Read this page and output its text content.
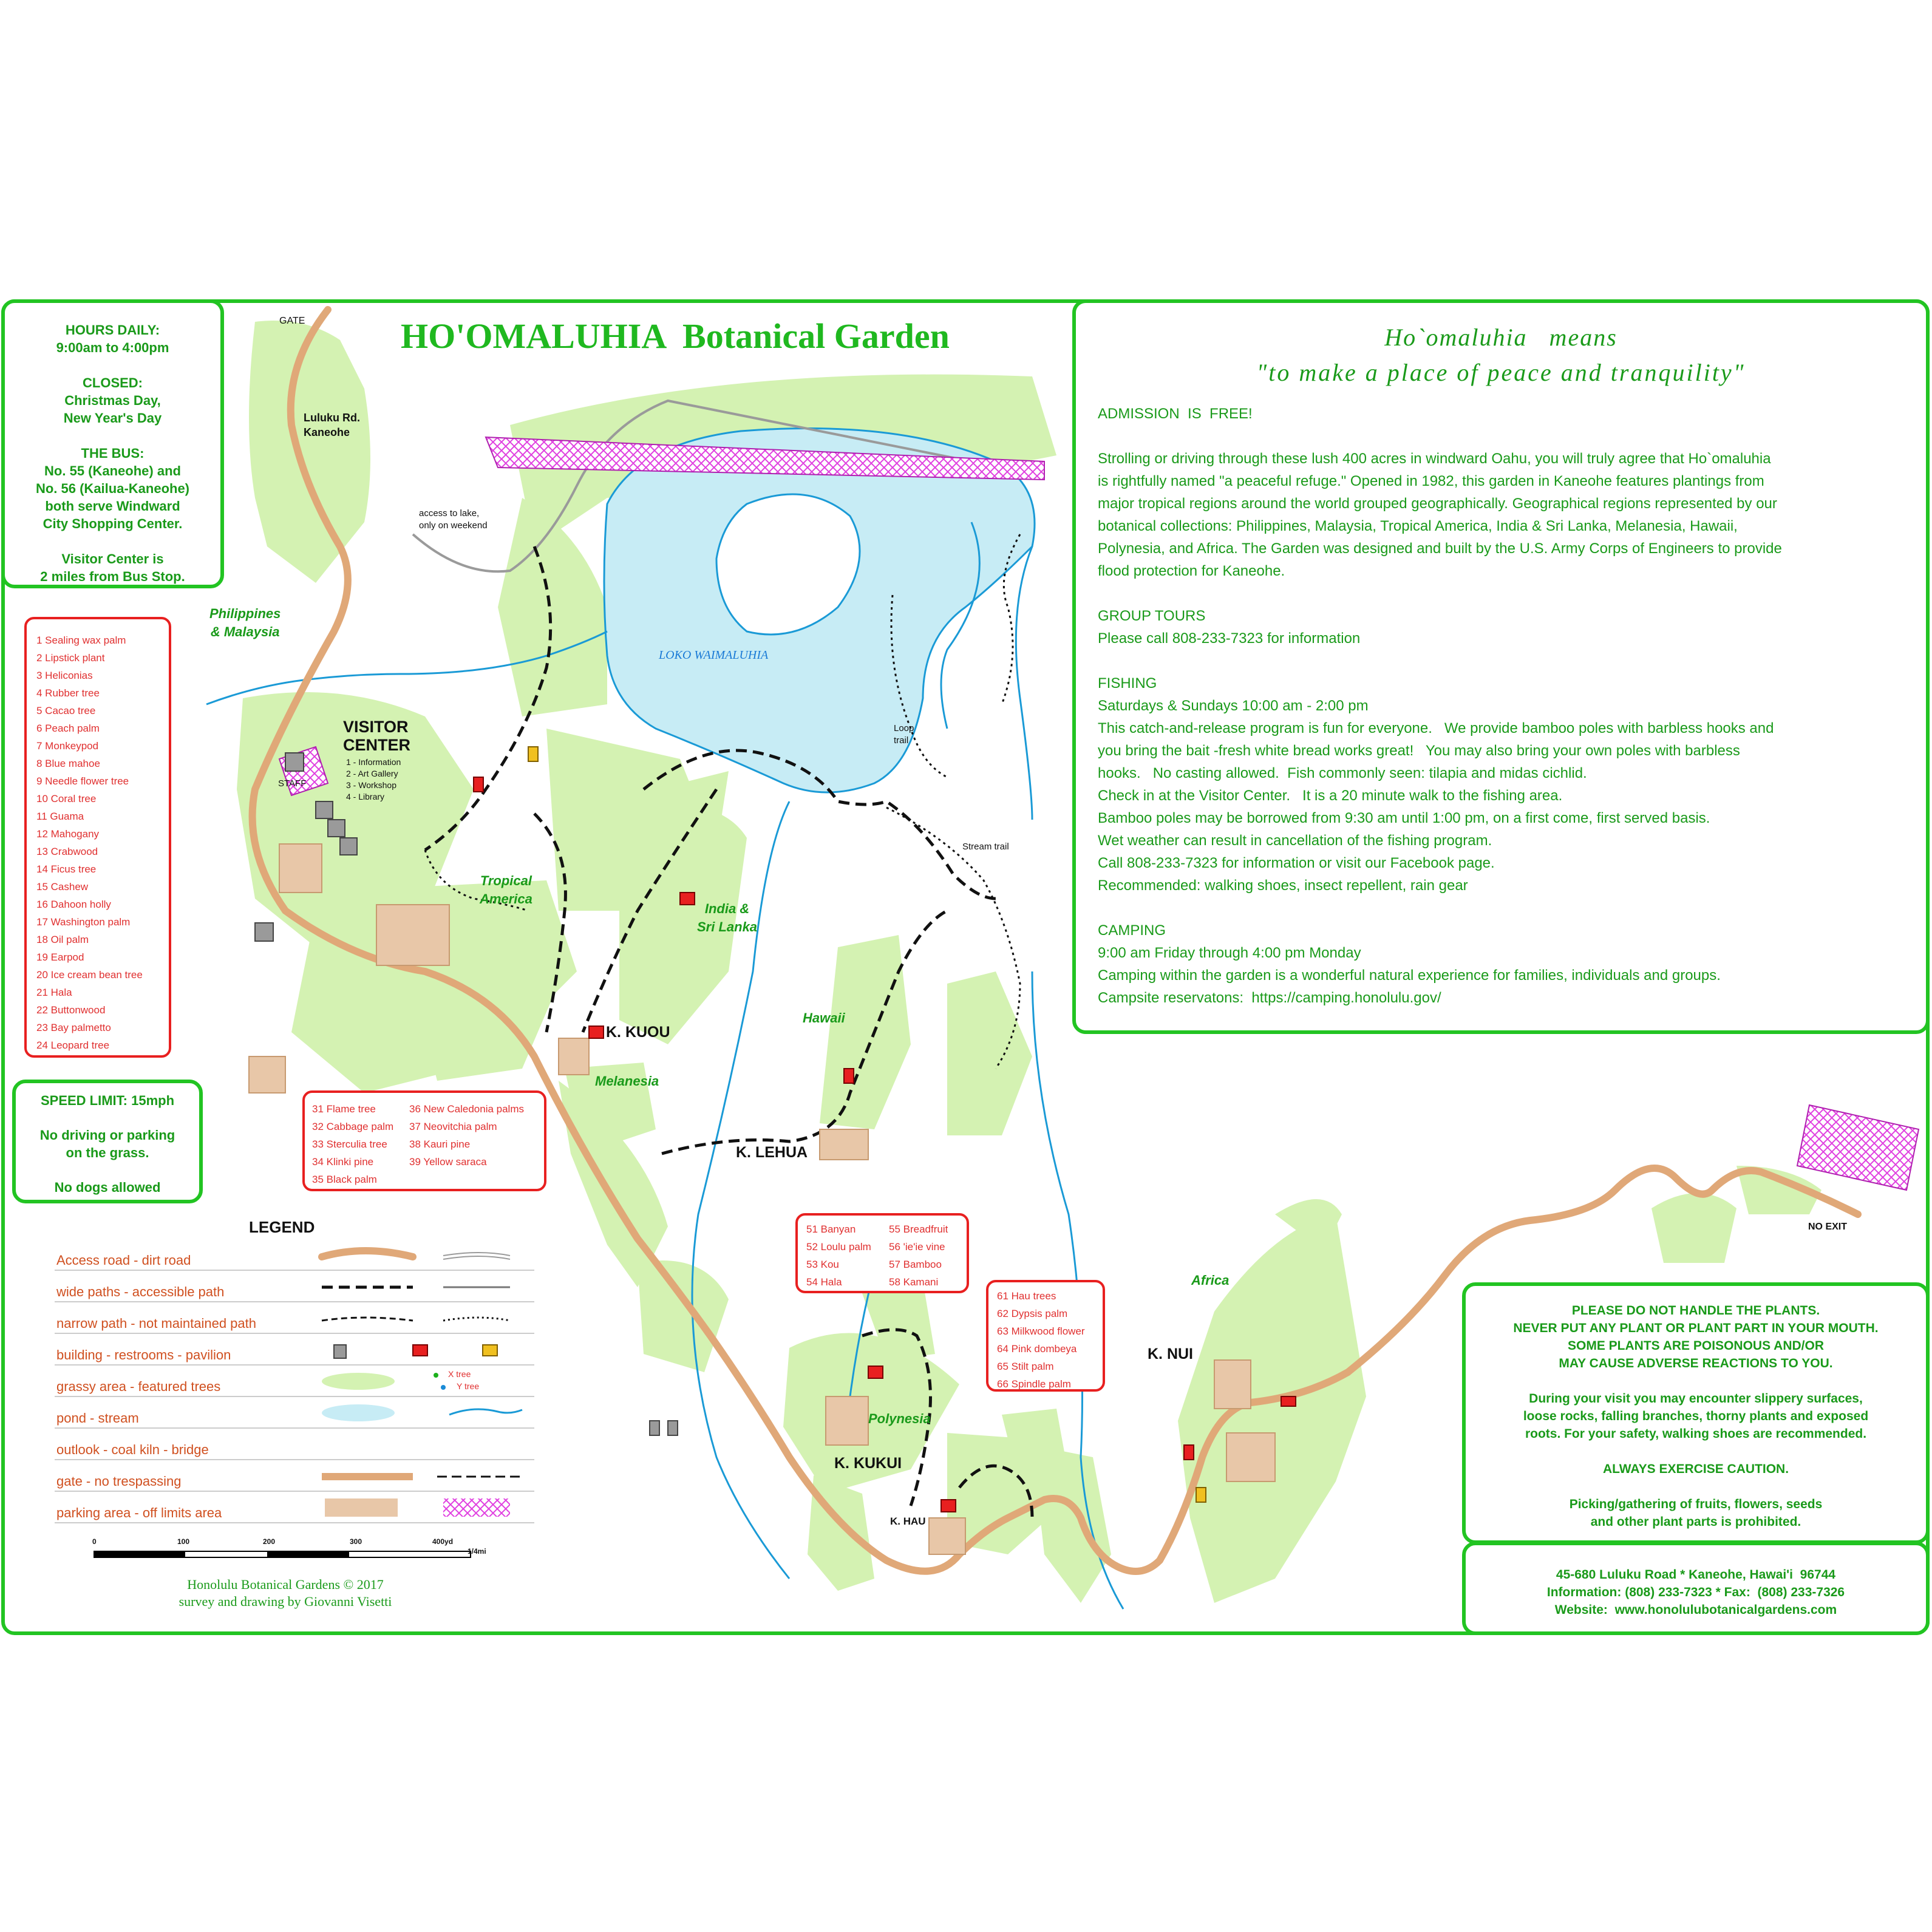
HO'OMALUHIA  Botanical Garden
GATE
Luluku Rd.
Kaneohe
access to lake,
only on weekend
LOKO WAIMALUHIA
VISITOR
CENTER
1 - Information
2 - Art Gallery
3 - Workshop
4 - Library
STAFF
Loop
trail
Stream trail
NO EXIT
Philippines
& Malaysia
Tropical
America
India &
Sri Lanka
Melanesia
Hawaii
Polynesia
Africa
K. KUOU
K. LEHUA
K. KUKUI
K. HAU
K. NUI
HOURS DAILY:
9:00am to 4:00pm
CLOSED:
Christmas Day,
New Year's Day
THE BUS:
No. 55 (Kaneohe) and
No. 56 (Kailua-Kaneohe)
both serve Windward
City Shopping Center.
Visitor Center is
2 miles from Bus Stop.
1 Sealing wax palm
2 Lipstick plant
3 Heliconias
4 Rubber tree
5 Cacao tree
6 Peach palm
7 Monkeypod
8 Blue mahoe
9 Needle flower tree
10 Coral tree
11 Guama
12 Mahogany
13 Crabwood
14 Ficus tree
15 Cashew
16 Dahoon holly
17 Washington palm
18 Oil palm
19 Earpod
20 Ice cream bean tree
21 Hala
22 Buttonwood
23 Bay palmetto
24 Leopard tree
31 Flame tree
32 Cabbage palm
33 Sterculia tree
34 Klinki pine
35 Black palm
36 New Caledonia palms
37 Neovitchia palm
38 Kauri pine
39 Yellow saraca
51 Banyan
52 Loulu palm
53 Kou
54 Hala
55 Breadfruit
56 'ie'ie vine
57 Bamboo
58 Kamani
61 Hau trees
62 Dypsis palm
63 Milkwood flower
64 Pink dombeya
65 Stilt palm
66 Spindle palm
SPEED LIMIT: 15mph
No driving or parking
on the grass.
No dogs allowed
LEGEND
Access road - dirt road
wide paths - accessible path
narrow path - not maintained path
building - restrooms - pavilion
grassy area - featured trees
pond - stream
outlook - coal kiln - bridge
gate - no trespassing
parking area - off limits area
X tree
Y tree
0	100	200	300	400yd
1/4mi
Honolulu Botanical Gardens © 2017
survey and drawing by Giovanni Visetti
Ho`omaluhia   means
"to make a place of peace and tranquility"
ADMISSION  IS  FREE!
Strolling or driving through these lush 400 acres in windward Oahu, you will truly agree that Ho`omaluhia
is rightfully named "a peaceful refuge." Opened in 1982, this garden in Kaneohe features plantings from
major tropical regions around the world grouped geographically. Geographical regions represented by our
botanical collections: Philippines, Malaysia, Tropical America, India & Sri Lanka, Melanesia, Hawaii,
Polynesia, and Africa. The Garden was designed and built by the U.S. Army Corps of Engineers to provide
flood protection for Kaneohe.
GROUP TOURS
Please call 808-233-7323 for information
FISHING
Saturdays & Sundays 10:00 am - 2:00 pm
This catch-and-release program is fun for everyone.   We provide bamboo poles with barbless hooks and
you bring the bait -fresh white bread works great!   You may also bring your own poles with barbless
hooks.   No casting allowed.  Fish commonly seen: tilapia and midas cichlid.
Check in at the Visitor Center.   It is a 20 minute walk to the fishing area.
Bamboo poles may be borrowed from 9:30 am until 1:00 pm, on a first come, first served basis.
Wet weather can result in cancellation of the fishing program.
Call 808-233-7323 for information or visit our Facebook page.
Recommended: walking shoes, insect repellent, rain gear
CAMPING
9:00 am Friday through 4:00 pm Monday
Camping within the garden is a wonderful natural experience for families, individuals and groups.
Campsite reservatons:  https://camping.honolulu.gov/
PLEASE DO NOT HANDLE THE PLANTS.
NEVER PUT ANY PLANT OR PLANT PART IN YOUR MOUTH.
SOME PLANTS ARE POISONOUS AND/OR
MAY CAUSE ADVERSE REACTIONS TO YOU.
During your visit you may encounter slippery surfaces,
loose rocks, falling branches, thorny plants and exposed
roots. For your safety, walking shoes are recommended.
ALWAYS EXERCISE CAUTION.
Picking/gathering of fruits, flowers, seeds
and other plant parts is prohibited.
45-680 Luluku Road * Kaneohe, Hawai'i  96744
Information: (808) 233-7323 * Fax:  (808) 233-7326
Website:  www.honolulubotanicalgardens.com
